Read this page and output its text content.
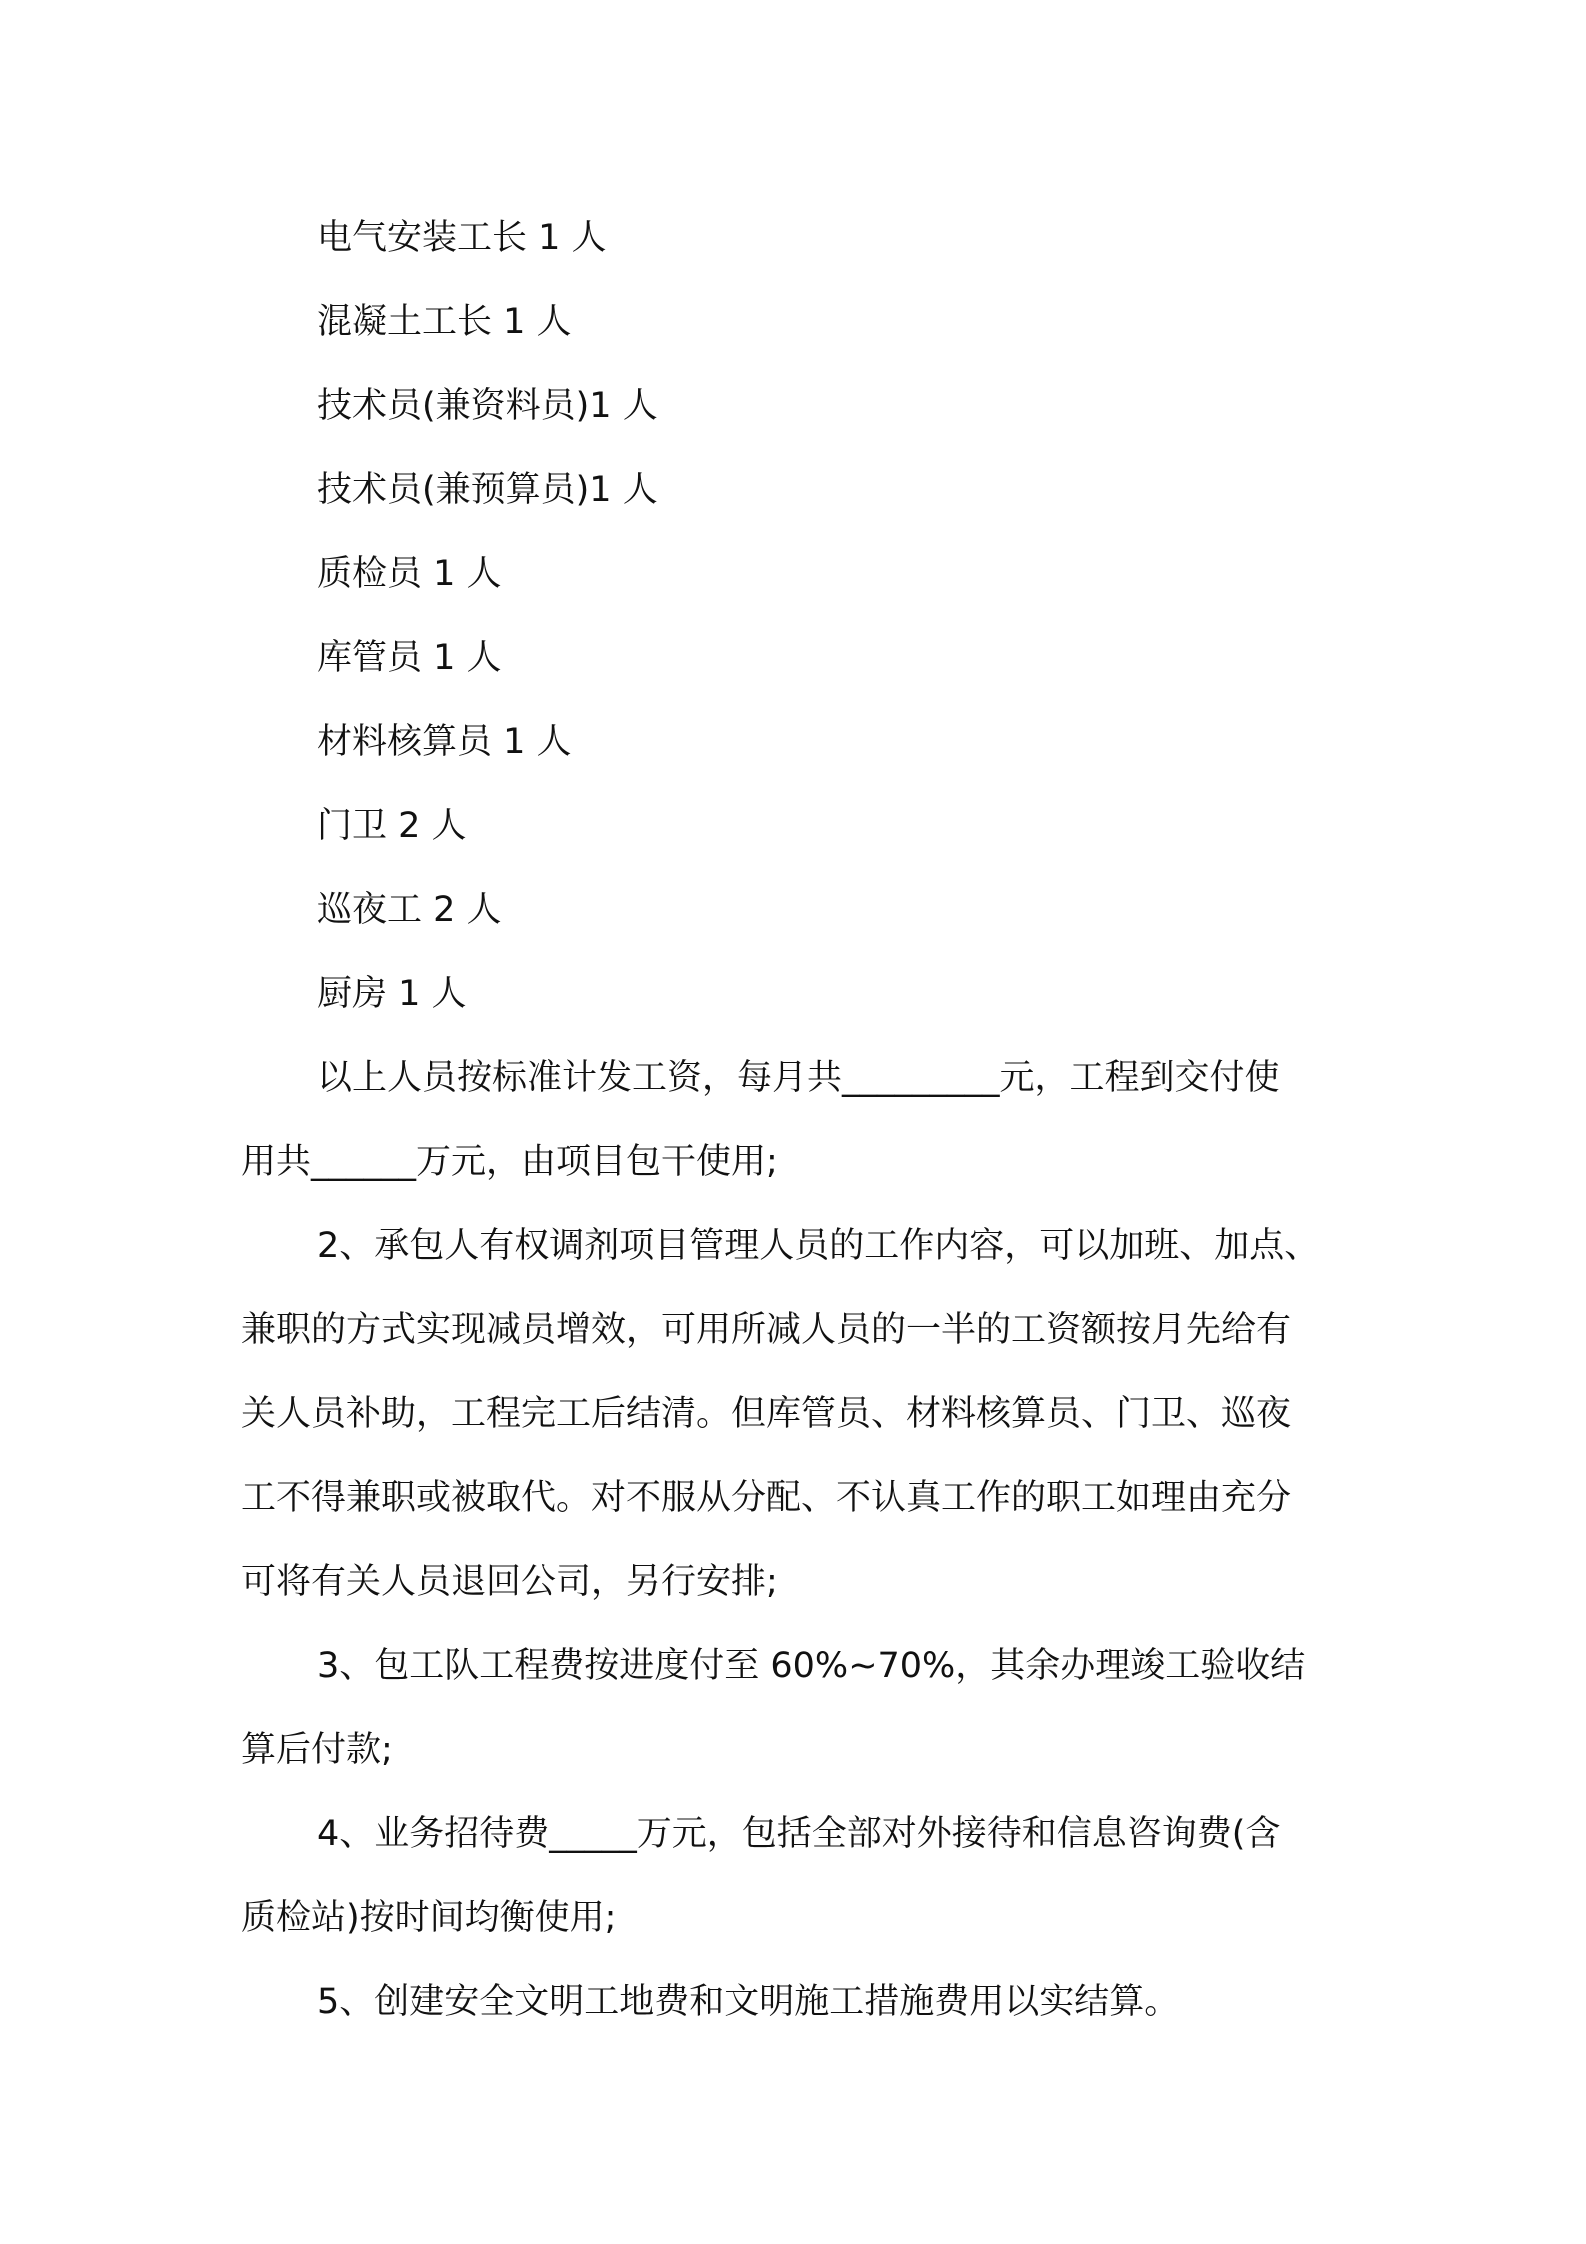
电气安装工长 1 人
混凝土工长 1 人
技术员(兼资料员)1 人
技术员(兼预算员)1 人
质检员 1 人
库管员 1 人
材料核算员 1 人
门卫 2 人
巡夜工 2 人
厨房 1 人
以上人员按标准计发工资，每月共_________元，工程到交付使
用共______万元，由项目包干使用;
2、承包人有权调剂项目管理人员的工作内容，可以加班、加点、
兼职的方式实现减员增效，可用所减人员的一半的工资额按月先给有
关人员补助，工程完工后结清。但库管员、材料核算员、门卫、巡夜
工不得兼职或被取代。对不服从分配、不认真工作的职工如理由充分
可将有关人员退回公司，另行安排;
3、包工队工程费按进度付至 60%~70%，其余办理竣工验收结
算后付款;
4、业务招待费_____万元，包括全部对外接待和信息咨询费(含
质检站)按时间均衡使用;
5、创建安全文明工地费和文明施工措施费用以实结算。
